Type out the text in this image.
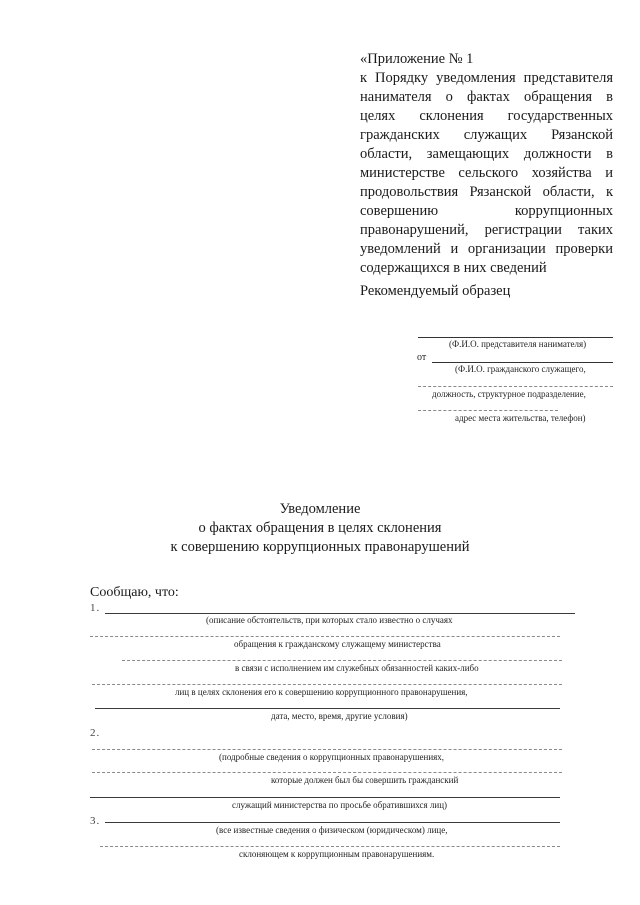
«Приложение № 1
к Порядку уведомления представителя
нанимателя о фактах обращения в
целях склонения государственных
гражданских служащих Рязанской
области, замещающих должности в
министерстве сельского хозяйства и
продовольствия Рязанской области, к
совершению коррупционных
правонарушений, регистрации таких
уведомлений и организации проверки
содержащихся в них сведений
Рекомендуемый образец
(Ф.И.О. представителя нанимателя)
от
(Ф.И.О. гражданского служащего,
должность, структурное подразделение,
адрес места жительства, телефон)
Уведомление
о фактах обращения в целях склонения
к совершению коррупционных правонарушений
Сообщаю, что:
1.
(описание обстоятельств, при которых стало известно о случаях
обращения к гражданскому служащему министерства
в связи с исполнением им служебных обязанностей каких-либо
лиц в целях склонения его к совершению коррупционного правонарушения,
дата, место, время, другие условия)
2.
(подробные сведения о коррупционных правонарушениях,
которые должен был бы совершить гражданский
служащий министерства по просьбе обратившихся лиц)
3.
(все известные сведения о физическом (юридическом) лице,
склоняющем к коррупционным правонарушениям.
